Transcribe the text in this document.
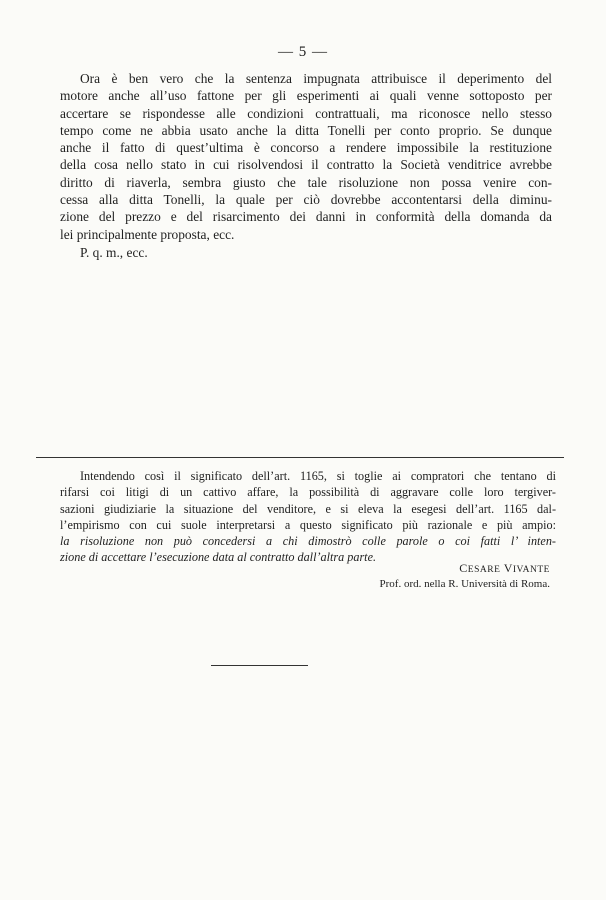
— 5 —
Ora è ben vero che la sentenza impugnata attribuisce il deperimento del
motore anche all’uso fattone per gli esperimenti ai quali venne sottoposto per
accertare se rispondesse alle condizioni contrattuali, ma riconosce nello stesso
tempo come ne abbia usato anche la ditta Tonelli per conto proprio. Se dunque
anche il fatto di quest’ultima è concorso a rendere impossibile la restituzione
della cosa nello stato in cui risolvendosi il contratto la Società venditrice avrebbe
diritto di riaverla, sembra giusto che tale risoluzione non possa venire con-
cessa alla ditta Tonelli, la quale per ciò dovrebbe accontentarsi della diminu-
zione del prezzo e del risarcimento dei danni in conformità della domanda da
lei principalmente proposta, ecc.
P. q. m., ecc.
Intendendo così il significato dell’art. 1165, si toglie ai compratori che tentano di
rifarsi coi litigi di un cattivo affare, la possibilità di aggravare colle loro tergiver-
sazioni giudiziarie la situazione del venditore, e si eleva la esegesi dell’art. 1165 dal-
l’empirismo con cui suole interpretarsi a questo significato più razionale e più ampio:
la risoluzione non può concedersi a chi dimostrò colle parole o coi fatti l’ inten-
zione di accettare l’esecuzione data al contratto dall’altra parte.
CESARE VIVANTE
Prof. ord. nella R. Università di Roma.
